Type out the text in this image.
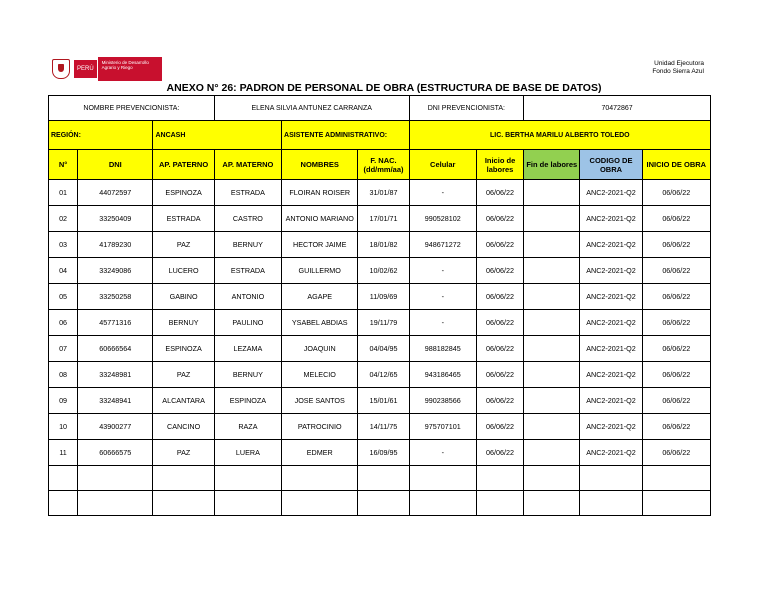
PERÚ
Ministerio de Desarrollo Agrario y Riego
Unidad Ejecutora
Fondo Sierra Azul
ANEXO N° 26: PADRON DE PERSONAL DE OBRA (ESTRUCTURA DE BASE DE DATOS)
NOMBRE PREVENCIONISTA:			ELENA SILVIA ANTUNEZ CARRANZA			DNI PREVENCIONISTA:		70472867		
REGIÓN:		ANCASH		ASISTENTE ADMINISTRATIVO:		LIC. BERTHA MARILU ALBERTO TOLEDO				
N°	DNI	AP. PATERNO	AP. MATERNO	NOMBRES	F. NAC. (dd/mm/aa)	Celular	Inicio de labores	Fin de labores	CODIGO DE OBRA	INICIO DE OBRA
01	44072597	ESPINOZA	ESTRADA	FLOIRAN ROISER	31/01/87	-	06/06/22		ANC2-2021-Q2	06/06/22
02	33250409	ESTRADA	CASTRO	ANTONIO MARIANO	17/01/71	990528102	06/06/22		ANC2-2021-Q2	06/06/22
03	41789230	PAZ	BERNUY	HECTOR JAIME	18/01/82	948671272	06/06/22		ANC2-2021-Q2	06/06/22
04	33249086	LUCERO	ESTRADA	GUILLERMO	10/02/62	-	06/06/22		ANC2-2021-Q2	06/06/22
05	33250258	GABINO	ANTONIO	AGAPE	11/09/69	-	06/06/22		ANC2-2021-Q2	06/06/22
06	45771316	BERNUY	PAULINO	YSABEL ABDIAS	19/11/79	-	06/06/22		ANC2-2021-Q2	06/06/22
07	60666564	ESPINOZA	LEZAMA	JOAQUIN	04/04/95	988182845	06/06/22		ANC2-2021-Q2	06/06/22
08	33248981	PAZ	BERNUY	MELECIO	04/12/65	943186465	06/06/22		ANC2-2021-Q2	06/06/22
09	33248941	ALCANTARA	ESPINOZA	JOSE SANTOS	15/01/61	990238566	06/06/22		ANC2-2021-Q2	06/06/22
10	43900277	CANCINO	RAZA	PATROCINIO	14/11/75	975707101	06/06/22		ANC2-2021-Q2	06/06/22
11	60666575	PAZ	LUERA	EDMER	16/09/95	-	06/06/22		ANC2-2021-Q2	06/06/22
